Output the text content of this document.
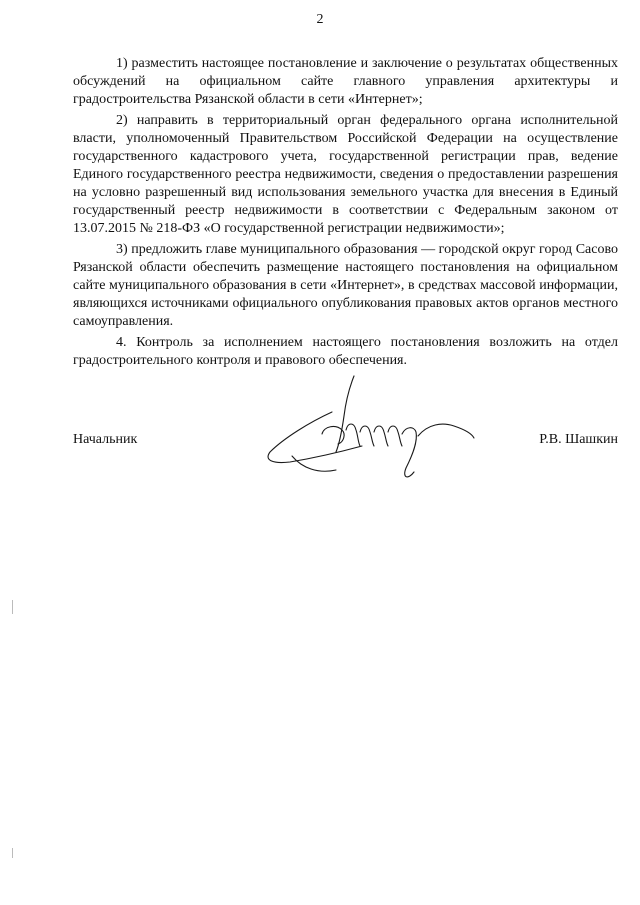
2

1) разместить настоящее постановление и заключение о результатах общественных обсуждений на официальном сайте главного управления архитектуры и градостроительства Рязанской области в сети «Интернет»;

2) направить в территориальный орган федерального органа исполнительной власти, уполномоченный Правительством Российской Федерации на осуществление государственного кадастрового учета, государственной регистрации прав, ведение Единого государственного реестра недвижимости, сведения о предоставлении разрешения на условно разрешенный вид использования земельного участка для внесения в Единый государственный реестр недвижимости в соответствии с Федеральным законом от 13.07.2015 № 218-ФЗ «О государственной регистрации недвижимости»;

3) предложить главе муниципального образования — городской округ город Сасово Рязанской области обеспечить размещение настоящего постановления на официальном сайте муниципального образования в сети «Интернет», в средствах массовой информации, являющихся источниками официального опубликования правовых актов органов местного самоуправления.

4. Контроль за исполнением настоящего постановления возложить на отдел градостроительного контроля и правового обеспечения.

Начальник	Р.В. Шашкин
